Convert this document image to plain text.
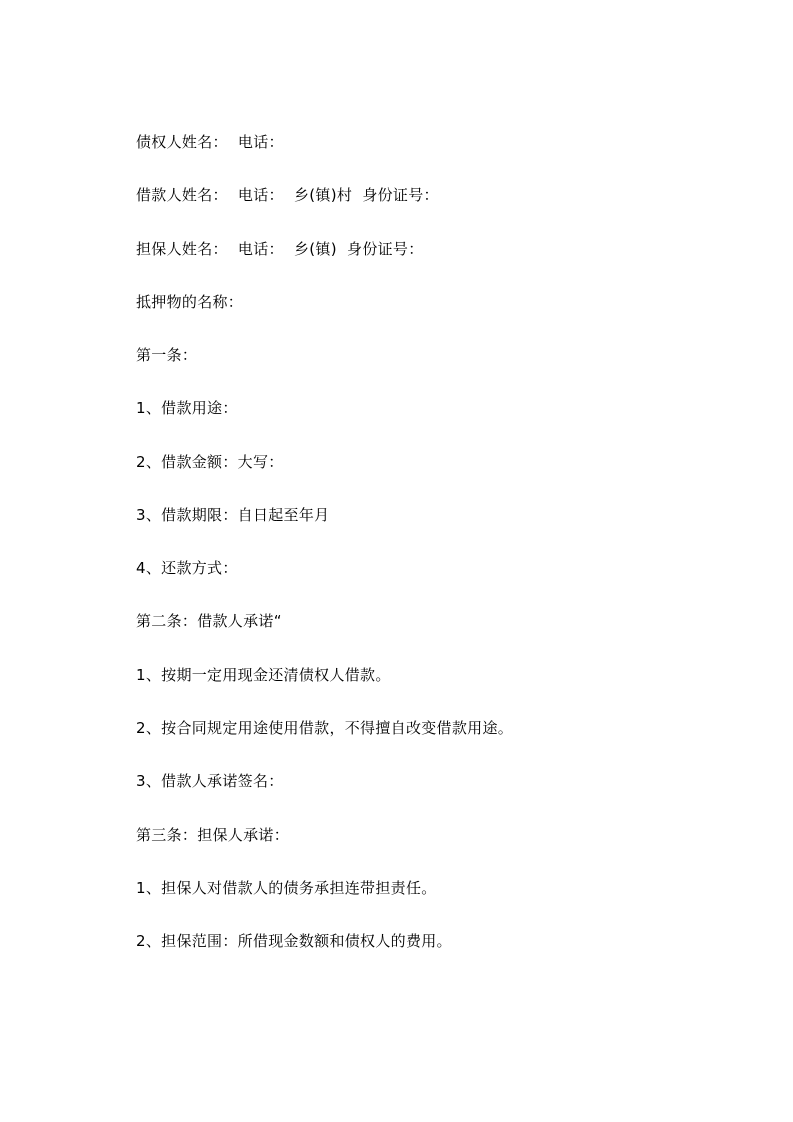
债权人姓名：  电话：
借款人姓名：  电话：  乡(镇)村  身份证号：
担保人姓名：  电话：  乡(镇)  身份证号：
抵押物的名称：
第一条：
1、借款用途：
2、借款金额：大写：
3、借款期限：自日起至年月
4、还款方式：
第二条：借款人承诺“
1、按期一定用现金还清债权人借款。
2、按合同规定用途使用借款，不得擅自改变借款用途。
3、借款人承诺签名：
第三条：担保人承诺：
1、担保人对借款人的债务承担连带担责任。
2、担保范围：所借现金数额和债权人的费用。
